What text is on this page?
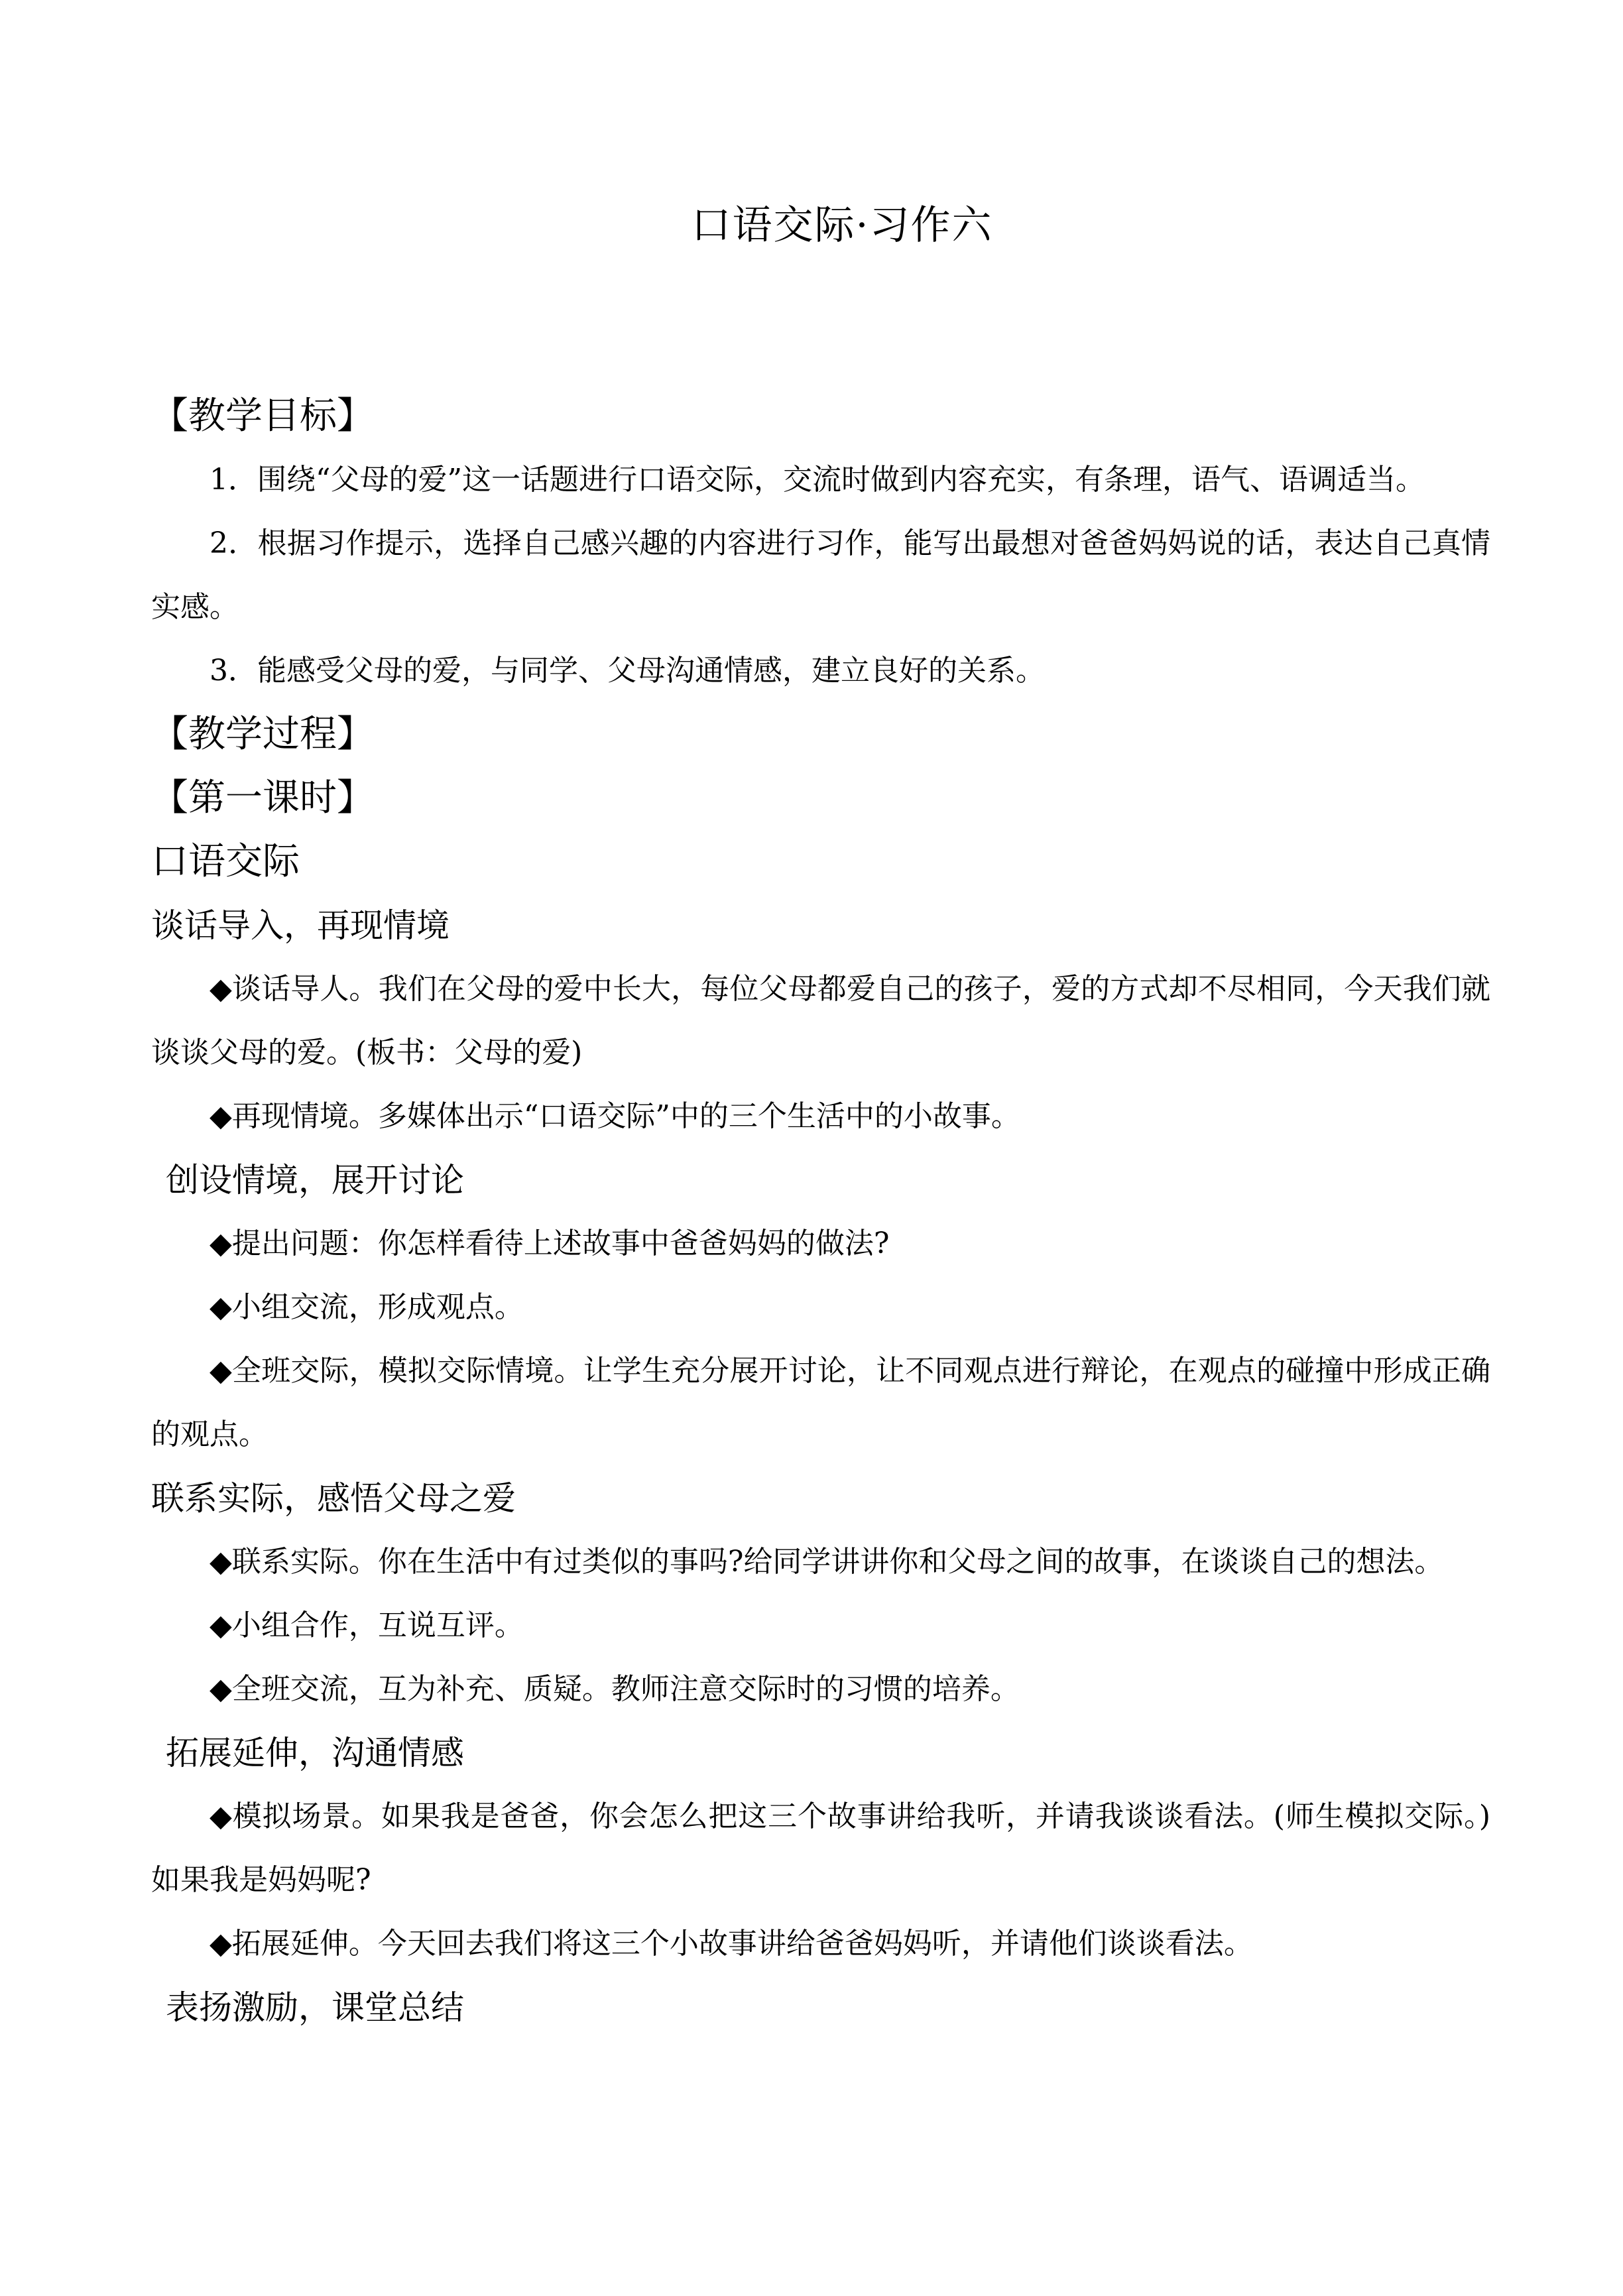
口语交际·习作六
【教学目标】

1．围绕“父母的爱”这一话题进行口语交际，交流时做到内容充实，有条理，语气、语调适当。

2．根据习作提示，选择自己感兴趣的内容进行习作，能写出最想对爸爸妈妈说的话，表达自己真情实感。

3．能感受父母的爱，与同学、父母沟通情感，建立良好的关系。

【教学过程】
【第一课时】
口语交际
谈话导入，再现情境

◆谈话导人。我们在父母的爱中长大，每位父母都爱自己的孩子，爱的方式却不尽相同，今天我们就谈谈父母的爱。(板书：父母的爱)

◆再现情境。多媒体出示“口语交际”中的三个生活中的小故事。

创设情境，展开讨论

◆提出问题：你怎样看待上述故事中爸爸妈妈的做法?

◆小组交流，形成观点。

◆全班交际，模拟交际情境。让学生充分展开讨论，让不同观点进行辩论，在观点的碰撞中形成正确的观点。

联系实际，感悟父母之爱

◆联系实际。你在生活中有过类似的事吗?给同学讲讲你和父母之间的故事，在谈谈自己的想法。

◆小组合作，互说互评。

◆全班交流，互为补充、质疑。教师注意交际时的习惯的培养。

拓展延伸，沟通情感

◆模拟场景。如果我是爸爸，你会怎么把这三个故事讲给我听，并请我谈谈看法。(师生模拟交际。)如果我是妈妈呢?

◆拓展延伸。今天回去我们将这三个小故事讲给爸爸妈妈听，并请他们谈谈看法。

表扬激励，课堂总结
